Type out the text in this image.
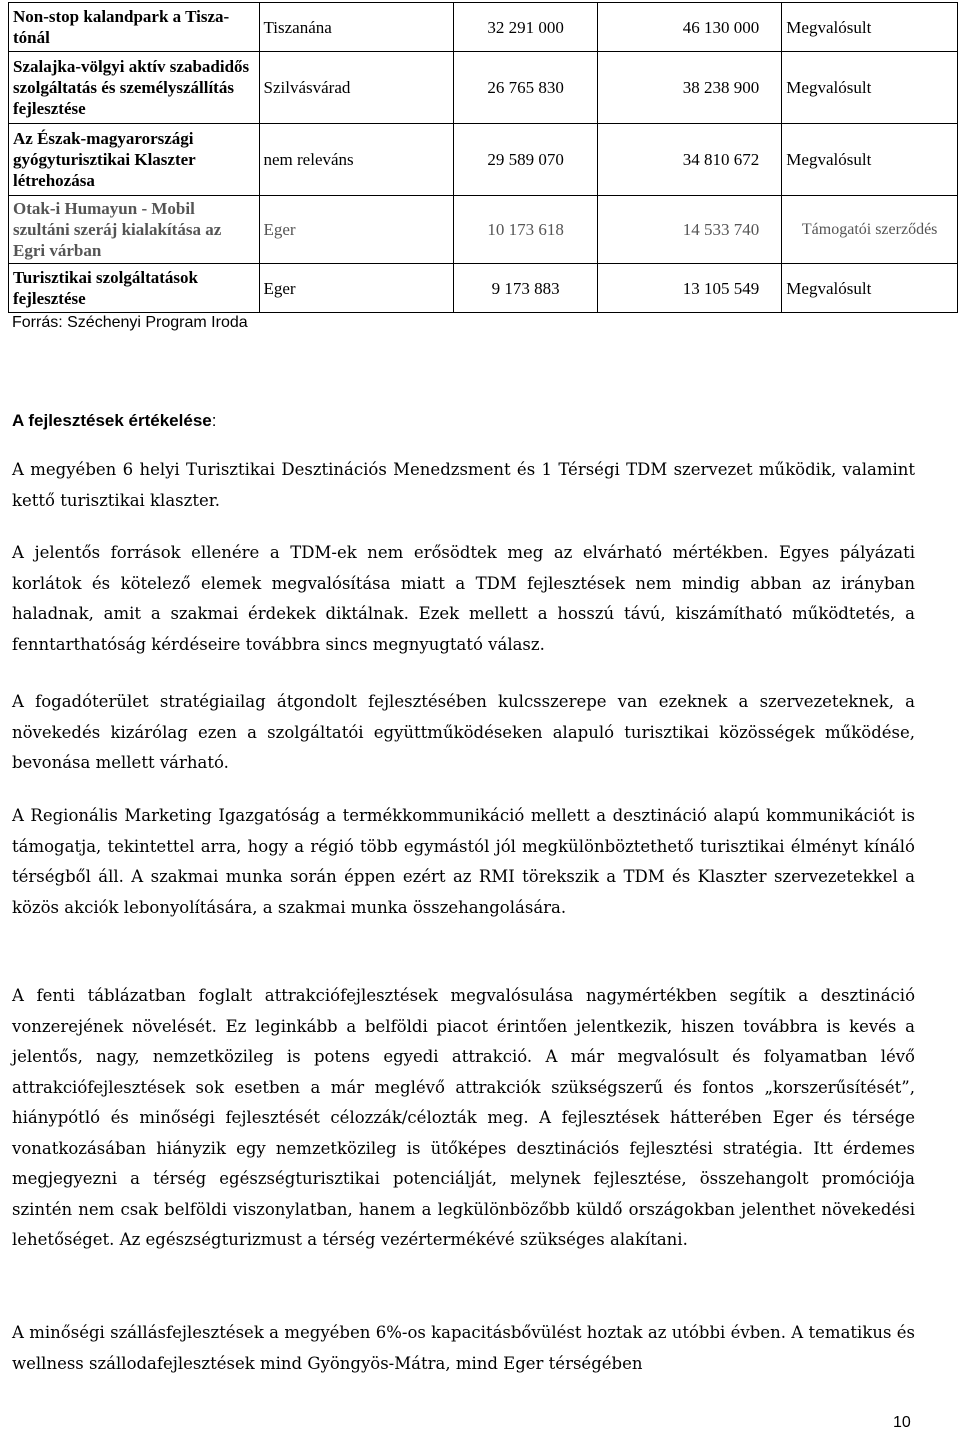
Non-stop kalandpark a Tisza-tónál	Tiszanána	32 291 000	46 130 000	Megvalósult
Szalajka-völgyi aktív szabadidős szolgáltatás és személyszállítás fejlesztése	Szilvásvárad	26 765 830	38 238 900	Megvalósult
Az Észak-magyarországi gyógyturisztikai Klaszter létrehozása	nem releváns	29 589 070	34 810 672	Megvalósult
Otak-i Humayun - Mobil szultáni szeráj kialakítása az Egri várban	Eger	10 173 618	14 533 740	Támogatói szerződés
Turisztikai szolgáltatások fejlesztése	Eger	9 173 883	13 105 549	Megvalósult
Forrás: Széchenyi Program Iroda
A fejlesztések értékelése:

A megyében 6 helyi Turisztikai Desztinációs Menedzsment és 1 Térségi TDM szervezet működik, valamint kettő turisztikai klaszter.

A jelentős források ellenére a TDM-ek nem erősödtek meg az elvárható mértékben. Egyes pályázati korlátok és kötelező elemek megvalósítása miatt a TDM fejlesztések nem mindig abban az irányban haladnak, amit a szakmai érdekek diktálnak. Ezek mellett a hosszú távú, kiszámítható működtetés, a fenntarthatóság kérdéseire továbbra sincs megnyugtató válasz.

A fogadóterület stratégiailag átgondolt fejlesztésében kulcsszerepe van ezeknek a szervezeteknek, a növekedés kizárólag ezen a szolgáltatói együttműködéseken alapuló turisztikai közösségek működése, bevonása mellett várható.

A Regionális Marketing Igazgatóság a termékkommunikáció mellett a desztináció alapú kommunikációt is támogatja, tekintettel arra, hogy a régió több egymástól jól megkülönböztethető turisztikai élményt kínáló térségből áll. A szakmai munka során éppen ezért az RMI törekszik a TDM és Klaszter szervezetekkel a közös akciók lebonyolítására, a szakmai munka összehangolására.

A fenti táblázatban foglalt attrakciófejlesztések megvalósulása nagymértékben segítik a desztináció vonzerejének növelését. Ez leginkább a belföldi piacot érintően jelentkezik, hiszen továbbra is kevés a jelentős, nagy, nemzetközileg is potens egyedi attrakció. A már megvalósult és folyamatban lévő attrakciófejlesztések sok esetben a már meglévő attrakciók szükségszerű és fontos „korszerűsítését”, hiánypótló és minőségi fejlesztését célozzák/célozták meg. A fejlesztések hátterében Eger és térsége vonatkozásában hiányzik egy nemzetközileg is ütőképes desztinációs fejlesztési stratégia. Itt érdemes megjegyezni a térség egészségturisztikai potenciálját, melynek fejlesztése, összehangolt promóciója szintén nem csak belföldi viszonylatban, hanem a legkülönbözőbb küldő országokban jelenthet növekedési lehetőséget. Az egészségturizmust a térség vezértermékévé szükséges alakítani.

A minőségi szállásfejlesztések a megyében 6%-os kapacitásbővülést hoztak az utóbbi évben. A tematikus és wellness szállodafejlesztések mind Gyöngyös-Mátra, mind Eger térségében

10
